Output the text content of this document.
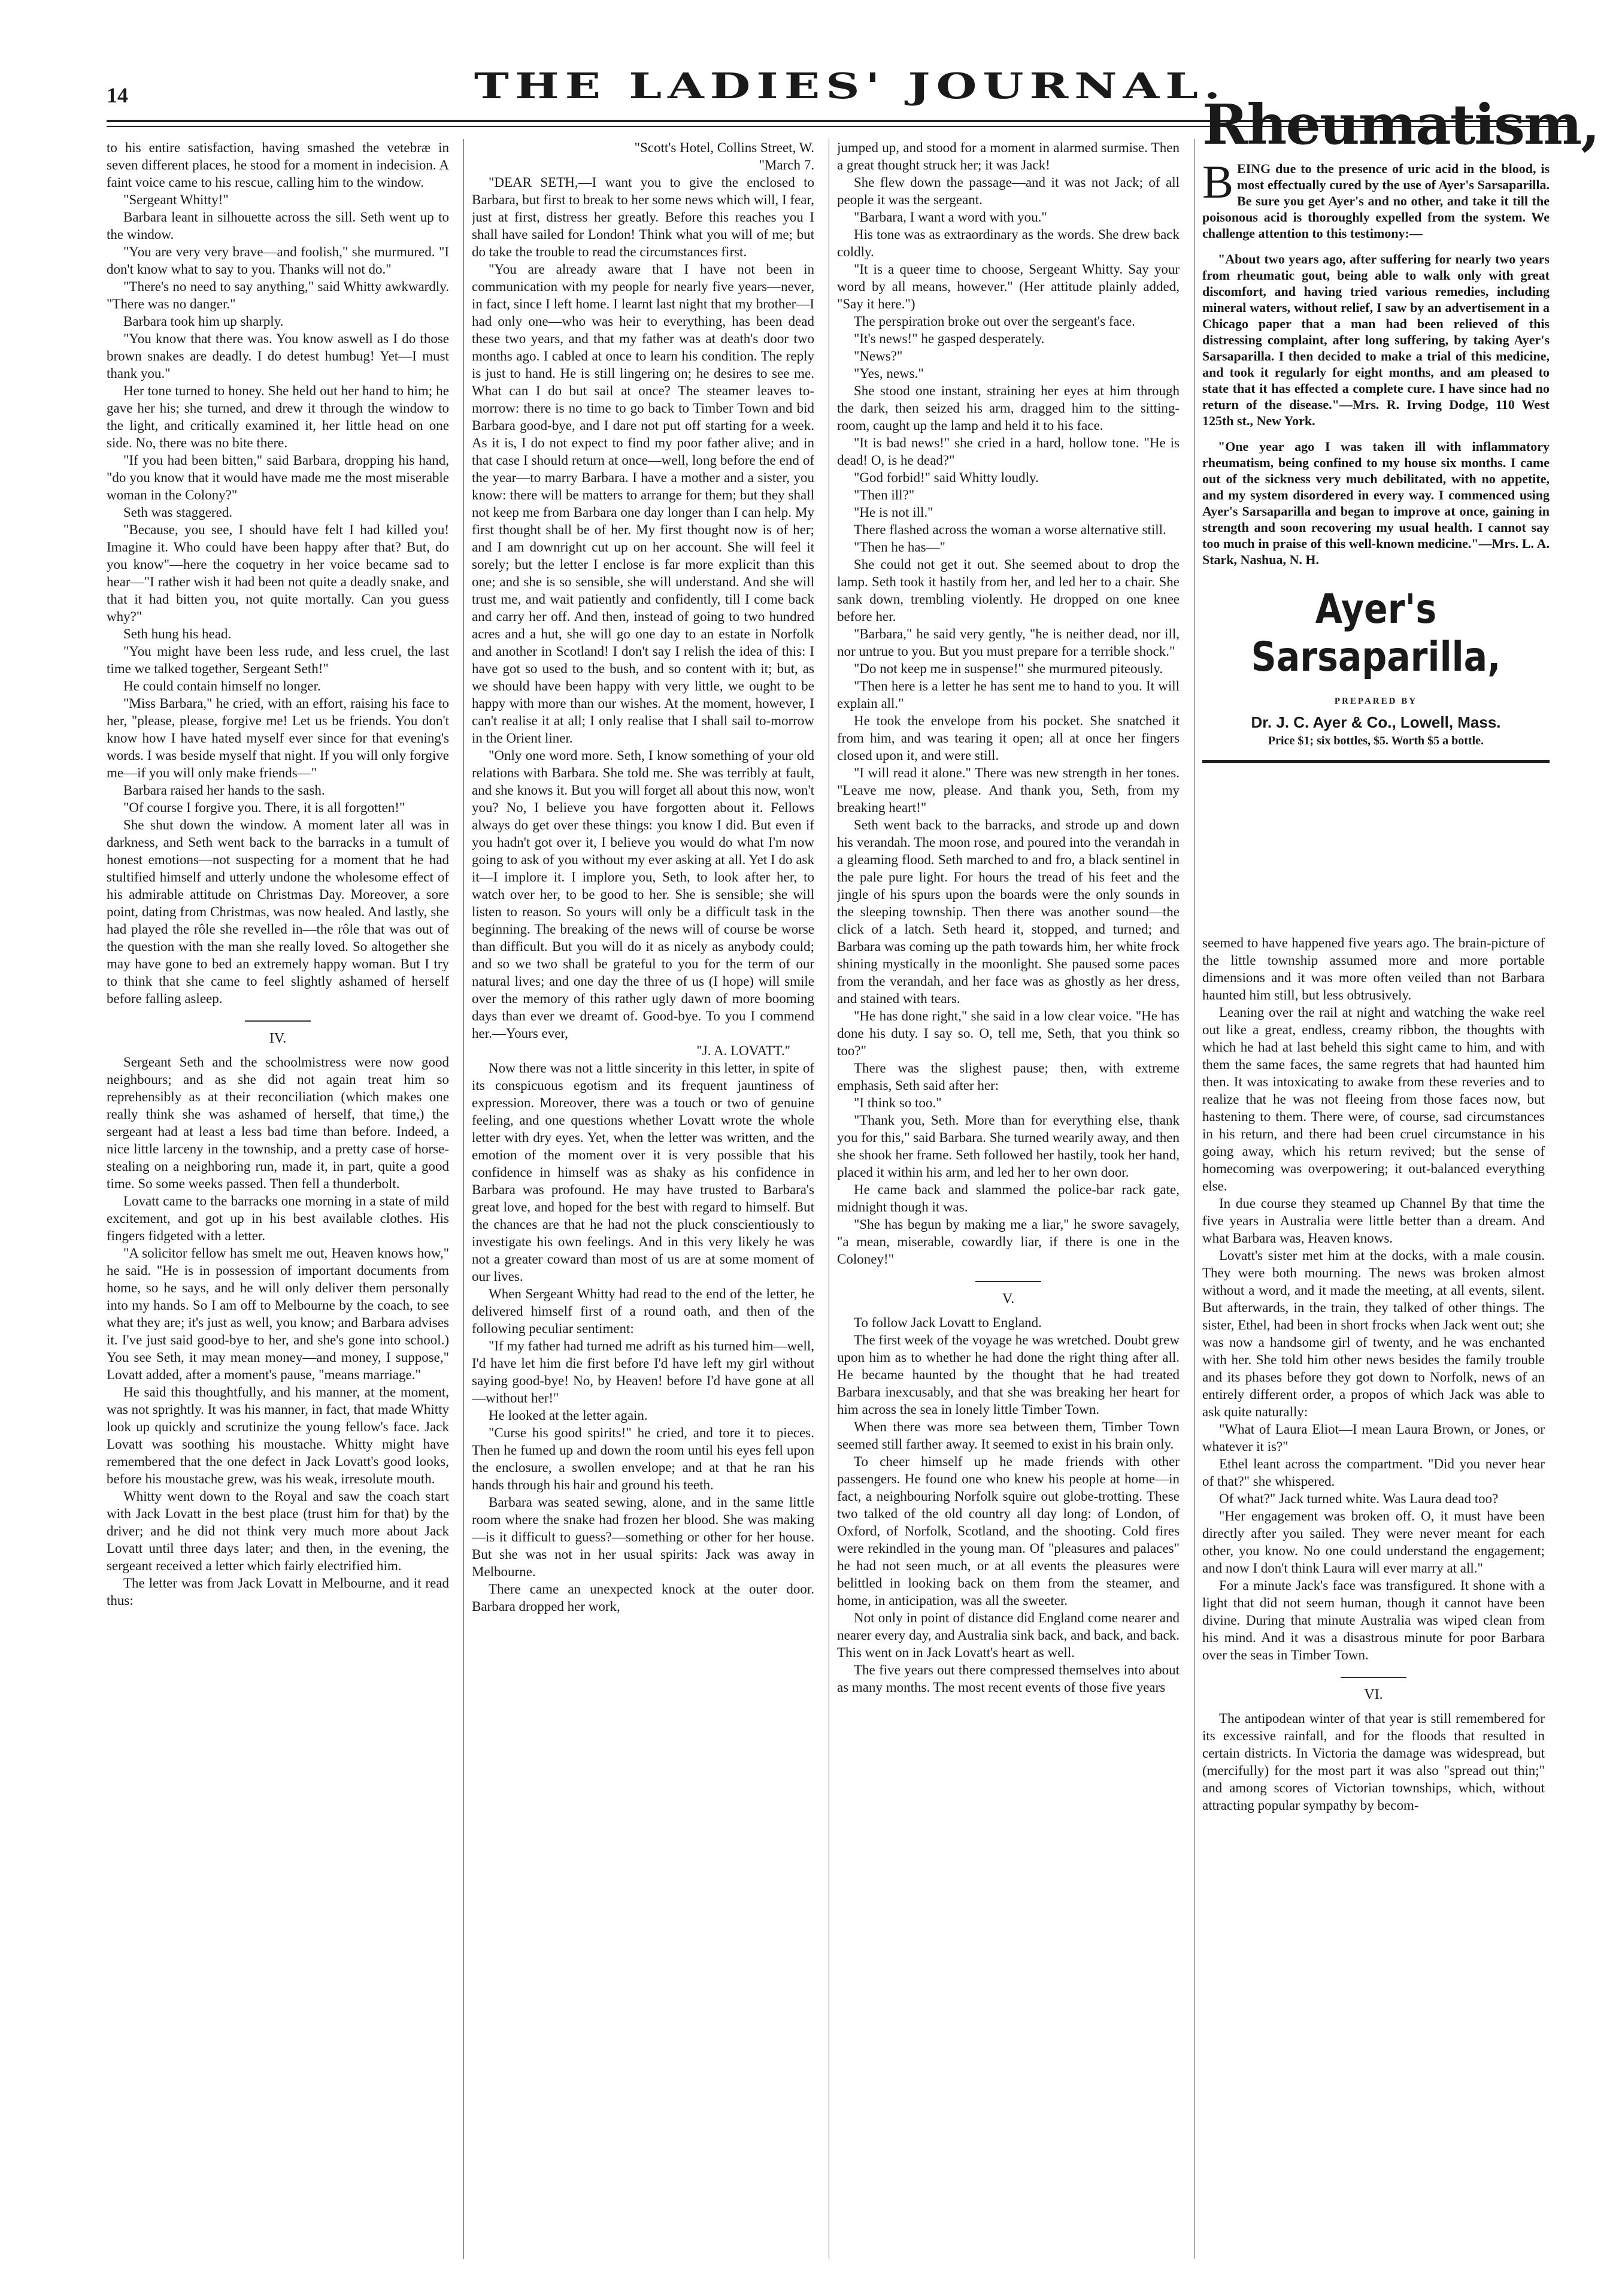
14	THE LADIES' JOURNAL.

to his entire satisfaction, having smashed the vetebræ in seven different places, he stood for a moment in indecision. A faint voice came to his rescue, calling him to the window.

"Sergeant Whitty!"

Barbara leant in silhouette across the sill. Seth went up to the window.

"You are very very brave—and foolish," she murmured. "I don't know what to say to you. Thanks will not do."

"There's no need to say anything," said Whitty awkwardly. "There was no danger."

Barbara took him up sharply.

"You know that there was. You know aswell as I do those brown snakes are deadly. I do detest humbug! Yet—I must thank you."

Her tone turned to honey. She held out her hand to him; he gave her his; she turned, and drew it through the window to the light, and critically examined it, her little head on one side. No, there was no bite there.

"If you had been bitten," said Barbara, dropping his hand, "do you know that it would have made me the most miserable woman in the Colony?"

Seth was staggered.

"Because, you see, I should have felt I had killed you! Imagine it. Who could have been happy after that? But, do you know"—here the coquetry in her voice became sad to hear—"I rather wish it had been not quite a deadly snake, and that it had bitten you, not quite mortally. Can you guess why?"

Seth hung his head.

"You might have been less rude, and less cruel, the last time we talked together, Sergeant Seth!"

He could contain himself no longer.

"Miss Barbara," he cried, with an effort, raising his face to her, "please, please, forgive me! Let us be friends. You don't know how I have hated myself ever since for that evening's words. I was beside myself that night. If you will only forgive me—if you will only make friends—"

Barbara raised her hands to the sash.

"Of course I forgive you. There, it is all forgotten!"

She shut down the window. A moment later all was in darkness, and Seth went back to the barracks in a tumult of honest emotions—not suspecting for a moment that he had stultified himself and utterly undone the wholesome effect of his admirable attitude on Christmas Day. Moreover, a sore point, dating from Christmas, was now healed. And lastly, she had played the rôle she revelled in—the rôle that was out of the question with the man she really loved. So altogether she may have gone to bed an extremely happy woman. But I try to think that she came to feel slightly ashamed of herself before falling asleep.

IV.

Sergeant Seth and the schoolmistress were now good neighbours; and as she did not again treat him so reprehensibly as at their reconciliation (which makes one really think she was ashamed of herself, that time,) the sergeant had at least a less bad time than before. Indeed, a nice little larceny in the township, and a pretty case of horse-stealing on a neighboring run, made it, in part, quite a good time. So some weeks passed. Then fell a thunderbolt.

Lovatt came to the barracks one morning in a state of mild excitement, and got up in his best available clothes. His fingers fidgeted with a letter.

"A solicitor fellow has smelt me out, Heaven knows how," he said. "He is in possession of important documents from home, so he says, and he will only deliver them personally into my hands. So I am off to Melbourne by the coach, to see what they are; it's just as well, you know; and Barbara advises it. I've just said good-bye to her, and she's gone into school.) You see Seth, it may mean money—and money, I suppose," Lovatt added, after a moment's pause, "means marriage."

He said this thoughtfully, and his manner, at the moment, was not sprightly. It was his manner, in fact, that made Whitty look up quickly and scrutinize the young fellow's face. Jack Lovatt was soothing his moustache. Whitty might have remembered that the one defect in Jack Lovatt's good looks, before his moustache grew, was his weak, irresolute mouth.

Whitty went down to the Royal and saw the coach start with Jack Lovatt in the best place (trust him for that) by the driver; and he did not think very much more about Jack Lovatt until three days later; and then, in the evening, the sergeant received a letter which fairly electrified him.

The letter was from Jack Lovatt in Melbourne, and it read thus:

"Scott's Hotel, Collins Street, W.

"March 7.

"DEAR SETH,—I want you to give the enclosed to Barbara, but first to break to her some news which will, I fear, just at first, distress her greatly. Before this reaches you I shall have sailed for London! Think what you will of me; but do take the trouble to read the circumstances first.

"You are already aware that I have not been in communication with my people for nearly five years—never, in fact, since I left home. I learnt last night that my brother—I had only one—who was heir to everything, has been dead these two years, and that my father was at death's door two months ago. I cabled at once to learn his condition. The reply is just to hand. He is still lingering on; he desires to see me. What can I do but sail at once? The steamer leaves to-morrow: there is no time to go back to Timber Town and bid Barbara good-bye, and I dare not put off starting for a week. As it is, I do not expect to find my poor father alive; and in that case I should return at once—well, long before the end of the year—to marry Barbara. I have a mother and a sister, you know: there will be matters to arrange for them; but they shall not keep me from Barbara one day longer than I can help. My first thought shall be of her. My first thought now is of her; and I am downright cut up on her account. She will feel it sorely; but the letter I enclose is far more explicit than this one; and she is so sensible, she will understand. And she will trust me, and wait patiently and confidently, till I come back and carry her off. And then, instead of going to two hundred acres and a hut, she will go one day to an estate in Norfolk and another in Scotland! I don't say I relish the idea of this: I have got so used to the bush, and so content with it; but, as we should have been happy with very little, we ought to be happy with more than our wishes. At the moment, however, I can't realise it at all; I only realise that I shall sail to-morrow in the Orient liner.

"Only one word more. Seth, I know something of your old relations with Barbara. She told me. She was terribly at fault, and she knows it. But you will forget all about this now, won't you? No, I believe you have forgotten about it. Fellows always do get over these things: you know I did. But even if you hadn't got over it, I believe you would do what I'm now going to ask of you without my ever asking at all. Yet I do ask it—I implore it. I implore you, Seth, to look after her, to watch over her, to be good to her. She is sensible; she will listen to reason. So yours will only be a difficult task in the beginning. The breaking of the news will of course be worse than difficult. But you will do it as nicely as anybody could; and so we two shall be grateful to you for the term of our natural lives; and one day the three of us (I hope) will smile over the memory of this rather ugly dawn of more booming days than ever we dreamt of. Good-bye. To you I commend her.—Yours ever,

"J. A. LOVATT."

Now there was not a little sincerity in this letter, in spite of its conspicuous egotism and its frequent jauntiness of expression. Moreover, there was a touch or two of genuine feeling, and one questions whether Lovatt wrote the whole letter with dry eyes. Yet, when the letter was written, and the emotion of the moment over it is very possible that his confidence in himself was as shaky as his confidence in Barbara was profound. He may have trusted to Barbara's great love, and hoped for the best with regard to himself. But the chances are that he had not the pluck conscientiously to investigate his own feelings. And in this very likely he was not a greater coward than most of us are at some moment of our lives.

When Sergeant Whitty had read to the end of the letter, he delivered himself first of a round oath, and then of the following peculiar sentiment:

"If my father had turned me adrift as his turned him—well, I'd have let him die first before I'd have left my girl without saying good-bye! No, by Heaven! before I'd have gone at all—without her!"

He looked at the letter again.

"Curse his good spirits!" he cried, and tore it to pieces. Then he fumed up and down the room until his eyes fell upon the enclosure, a swollen envelope; and at that he ran his hands through his hair and ground his teeth.

Barbara was seated sewing, alone, and in the same little room where the snake had frozen her blood. She was making—is it difficult to guess?—something or other for her house. But she was not in her usual spirits: Jack was away in Melbourne.

There came an unexpected knock at the outer door. Barbara dropped her work,

jumped up, and stood for a moment in alarmed surmise. Then a great thought struck her; it was Jack!

She flew down the passage—and it was not Jack; of all people it was the sergeant.

"Barbara, I want a word with you."

His tone was as extraordinary as the words. She drew back coldly.

"It is a queer time to choose, Sergeant Whitty. Say your word by all means, however." (Her attitude plainly added, "Say it here.")

The perspiration broke out over the sergeant's face.

"It's news!" he gasped desperately.

"News?"

"Yes, news."

She stood one instant, straining her eyes at him through the dark, then seized his arm, dragged him to the sitting-room, caught up the lamp and held it to his face.

"It is bad news!" she cried in a hard, hollow tone. "He is dead! O, is he dead?"

"God forbid!" said Whitty loudly.

"Then ill?"

"He is not ill."

There flashed across the woman a worse alternative still.

"Then he has—"

She could not get it out. She seemed about to drop the lamp. Seth took it hastily from her, and led her to a chair. She sank down, trembling violently. He dropped on one knee before her.

"Barbara," he said very gently, "he is neither dead, nor ill, nor untrue to you. But you must prepare for a terrible shock."

"Do not keep me in suspense!" she murmured piteously.

"Then here is a letter he has sent me to hand to you. It will explain all."

He took the envelope from his pocket. She snatched it from him, and was tearing it open; all at once her fingers closed upon it, and were still.

"I will read it alone." There was new strength in her tones. "Leave me now, please. And thank you, Seth, from my breaking heart!"

Seth went back to the barracks, and strode up and down his verandah. The moon rose, and poured into the verandah in a gleaming flood. Seth marched to and fro, a black sentinel in the pale pure light. For hours the tread of his feet and the jingle of his spurs upon the boards were the only sounds in the sleeping township. Then there was another sound—the click of a latch. Seth heard it, stopped, and turned; and Barbara was coming up the path towards him, her white frock shining mystically in the moonlight. She paused some paces from the verandah, and her face was as ghostly as her dress, and stained with tears.

"He has done right," she said in a low clear voice. "He has done his duty. I say so. O, tell me, Seth, that you think so too?"

There was the slighest pause; then, with extreme emphasis, Seth said after her:

"I think so too."

"Thank you, Seth. More than for everything else, thank you for this," said Barbara. She turned wearily away, and then she shook her frame. Seth followed her hastily, took her hand, placed it within his arm, and led her to her own door.

He came back and slammed the police-bar rack gate, midnight though it was.

"She has begun by making me a liar," he swore savagely, "a mean, miserable, cowardly liar, if there is one in the Coloney!"

V.

To follow Jack Lovatt to England.

The first week of the voyage he was wretched. Doubt grew upon him as to whether he had done the right thing after all. He became haunted by the thought that he had treated Barbara inexcusably, and that she was breaking her heart for him across the sea in lonely little Timber Town.

When there was more sea between them, Timber Town seemed still farther away. It seemed to exist in his brain only.

To cheer himself up he made friends with other passengers. He found one who knew his people at home—in fact, a neighbouring Norfolk squire out globe-trotting. These two talked of the old country all day long: of London, of Oxford, of Norfolk, Scotland, and the shooting. Cold fires were rekindled in the young man. Of "pleasures and palaces" he had not seen much, or at all events the pleasures were belittled in looking back on them from the steamer, and home, in anticipation, was all the sweeter.

Not only in point of distance did England come nearer and nearer every day, and Australia sink back, and back, and back. This went on in Jack Lovatt's heart as well.

The five years out there compressed themselves into about as many months. The most recent events of those five years

Rheumatism,

BEING due to the presence of uric acid in the blood, is most effectually cured by the use of Ayer's Sarsaparilla. Be sure you get Ayer's and no other, and take it till the poisonous acid is thoroughly expelled from the system. We challenge attention to this testimony:—

"About two years ago, after suffering for nearly two years from rheumatic gout, being able to walk only with great discomfort, and having tried various remedies, including mineral waters, without relief, I saw by an advertisement in a Chicago paper that a man had been relieved of this distressing complaint, after long suffering, by taking Ayer's Sarsaparilla. I then decided to make a trial of this medicine, and took it regularly for eight months, and am pleased to state that it has effected a complete cure. I have since had no return of the disease."—Mrs. R. Irving Dodge, 110 West 125th st., New York.

"One year ago I was taken ill with inflammatory rheumatism, being confined to my house six months. I came out of the sickness very much debilitated, with no appetite, and my system disordered in every way. I commenced using Ayer's Sarsaparilla and began to improve at once, gaining in strength and soon recovering my usual health. I cannot say too much in praise of this well-known medicine."—Mrs. L. A. Stark, Nashua, N. H.

Ayer's Sarsaparilla,

PREPARED BY

Dr. J. C. Ayer & Co., Lowell, Mass.

Price $1; six bottles, $5. Worth $5 a bottle.

seemed to have happened five years ago. The brain-picture of the little township assumed more and more portable dimensions and it was more often veiled than not Barbara haunted him still, but less obtrusively.

Leaning over the rail at night and watching the wake reel out like a great, endless, creamy ribbon, the thoughts with which he had at last beheld this sight came to him, and with them the same faces, the same regrets that had haunted him then. It was intoxicating to awake from these reveries and to realize that he was not fleeing from those faces now, but hastening to them. There were, of course, sad circumstances in his return, and there had been cruel circumstance in his going away, which his return revived; but the sense of homecoming was overpowering; it out-balanced everything else.

In due course they steamed up Channel By that time the five years in Australia were little better than a dream. And what Barbara was, Heaven knows.

Lovatt's sister met him at the docks, with a male cousin. They were both mourning. The news was broken almost without a word, and it made the meeting, at all events, silent. But afterwards, in the train, they talked of other things. The sister, Ethel, had been in short frocks when Jack went out; she was now a handsome girl of twenty, and he was enchanted with her. She told him other news besides the family trouble and its phases before they got down to Norfolk, news of an entirely different order, a propos of which Jack was able to ask quite naturally:

"What of Laura Eliot—I mean Laura Brown, or Jones, or whatever it is?"

Ethel leant across the compartment. "Did you never hear of that?" she whispered.

Of what?" Jack turned white. Was Laura dead too?

"Her engagement was broken off. O, it must have been directly after you sailed. They were never meant for each other, you know. No one could understand the engagement; and now I don't think Laura will ever marry at all."

For a minute Jack's face was transfigured. It shone with a light that did not seem human, though it cannot have been divine. During that minute Australia was wiped clean from his mind. And it was a disastrous minute for poor Barbara over the seas in Timber Town.

VI.

The antipodean winter of that year is still remembered for its excessive rainfall, and for the floods that resulted in certain districts. In Victoria the damage was widespread, but (mercifully) for the most part it was also "spread out thin;" and among scores of Victorian townships, which, without attracting popular sympathy by becom-
